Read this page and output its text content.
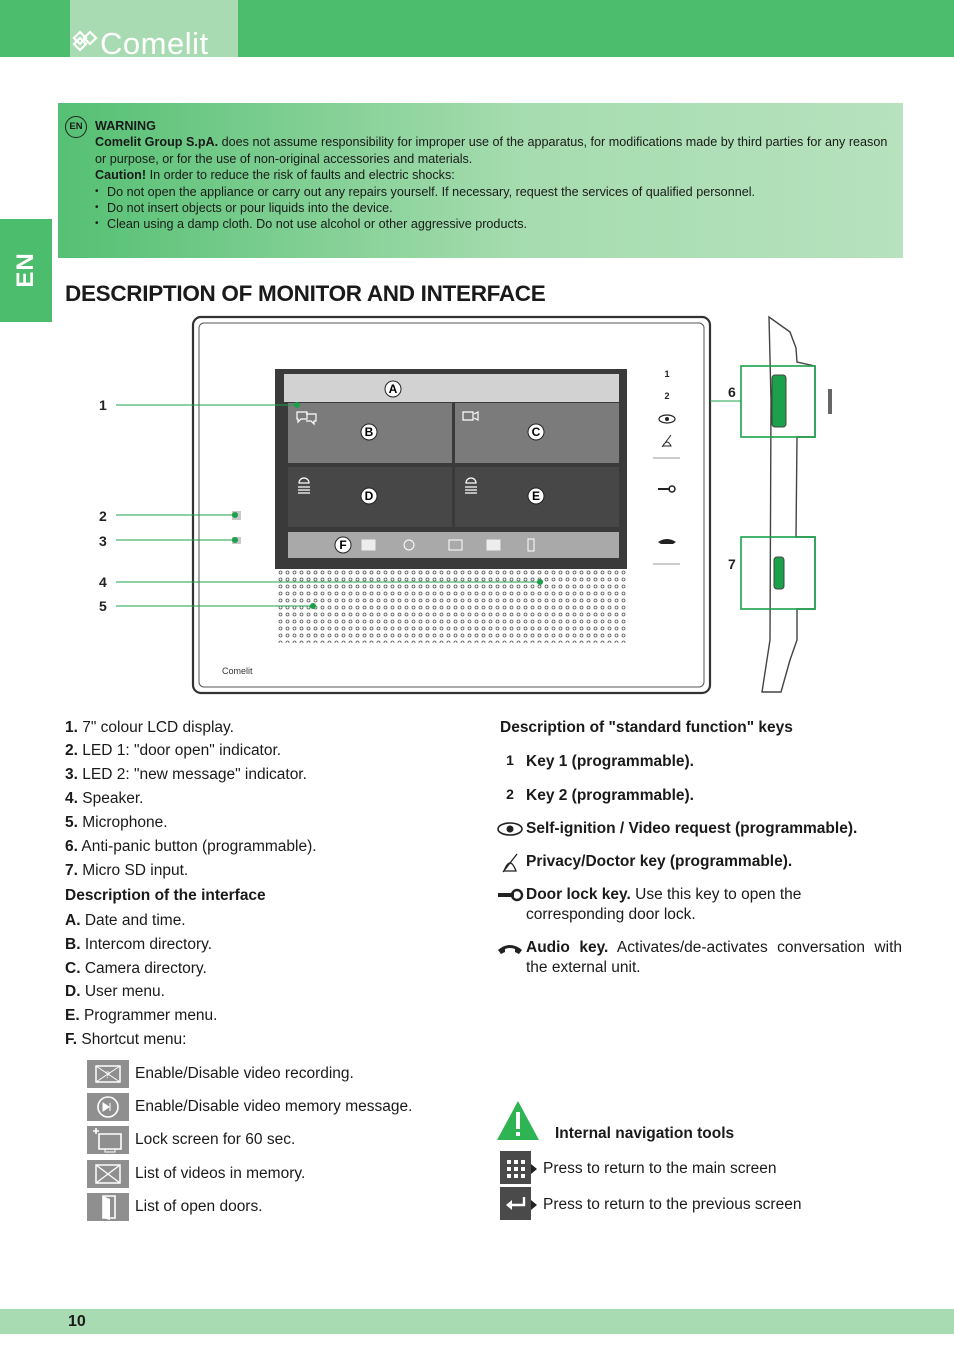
Comelit
EN
EN WARNING

Comelit Group S.pA. does not assume responsibility for improper use of the apparatus, for modifications made by third parties for any reason or purpose, or for the use of non-original accessories and materials.

Caution! In order to reduce the risk of faults and electric shocks:

• Do not open the appliance or carry out any repairs yourself. If necessary, request the services of qualified personnel.

• Do not insert objects or pour liquids into the device.

• Clean using a damp cloth. Do not use alcohol or other aggressive products.

DESCRIPTION OF MONITOR AND INTERFACE
A
B	C
D	E
F
1
2
Comelit
1
2
3
4
5
6
7
1. 7" colour LCD display.
2. LED 1: "door open" indicator.
3. LED 2: "new message" indicator.
4. Speaker.
5. Microphone.
6. Anti-panic button (programmable).
7. Micro SD input.
Description of the interface
A. Date and time.
B. Intercom directory.
C. Camera directory.
D. User menu.
E. Programmer menu.
F. Shortcut menu:
? Enable/Disable video recording.
Enable/Disable video memory message.
Lock screen for 60 sec.
List of videos in memory.
List of open doors.
Description of "standard function" keys
1 Key 1 (programmable).
2 Key 2 (programmable).
Self-ignition / Video request (programmable).
Privacy/Doctor key (programmable).
Door lock key. Use this key to open the corresponding door lock.
Audio key. Activates/de-activates conversation with the external unit.
Internal navigation tools
Press to return to the main screen
Press to return to the previous screen
10
